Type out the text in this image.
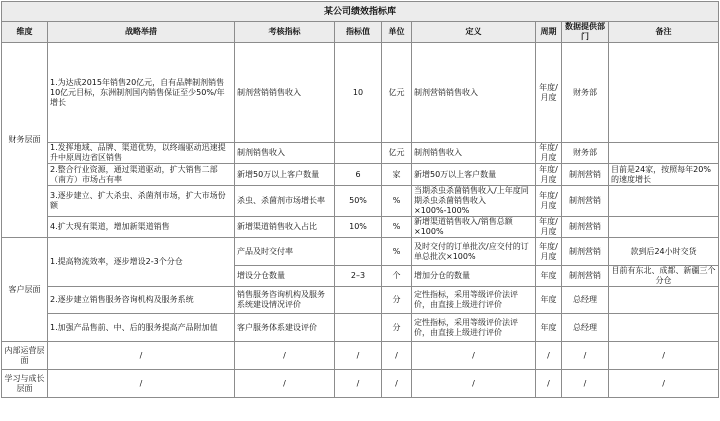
某公司绩效指标库								
维度	战略举措	考核指标	指标值	单位	定义	周期	数据提供部门	备注
财务层面	1.为达成2015年销售20亿元，自有品牌制剂销售10亿元目标，东洲制剂国内销售保证至少50%/年增长	制剂营销销售收入	10	亿元	制剂营销销售收入	年度/月度	财务部	
	1.发挥地域、品牌、渠道优势，以终端驱动迅速提升中原周边省区销售	制剂销售收入		亿元	制剂销售收入	年度/月度	财务部	
	2.整合行业资源，通过渠道驱动，扩大销售二部（南方）市场占有率	新增50万以上客户数量	6	家	新增50万以上客户数量	年度/月度	制剂营销	目前是24家，按照每年20%的速度增长
	3.逐步建立、扩大杀虫、杀菌剂市场，扩大市场份额	杀虫、杀菌剂市场增长率	50%	%	当期杀虫杀菌销售收入/上年度同期杀虫杀菌销售收入×100%-100%	年度/月度	制剂营销	
	4.扩大现有渠道，增加新渠道销售	新增渠道销售收入占比	10%	%	新增渠道销售收入/销售总额×100%	年度/月度	制剂营销	
客户层面	1.提高物流效率，逐步增设2-3个分仓	产品及时交付率		%	及时交付的订单批次/应交付的订单总批次×100%	年度/月度	制剂营销	款到后24小时交货
		增设分仓数量	2–3	个	增加分仓的数量	年度	制剂营销	目前有东北、成都、新疆三个分仓
	2.逐步建立销售服务咨询机构及服务系统	销售服务咨询机构及服务系统建设情况评价		分	定性指标，采用等级评价法评价，由直接上级进行评价	年度	总经理	
	1.加强产品售前、中、后的服务提高产品附加值	客户服务体系建设评价		分	定性指标，采用等级评价法评价，由直接上级进行评价	年度	总经理	
内部运营层面	/	/	/	/	/	/	/	/
学习与成长层面	/	/	/	/	/	/	/	/
